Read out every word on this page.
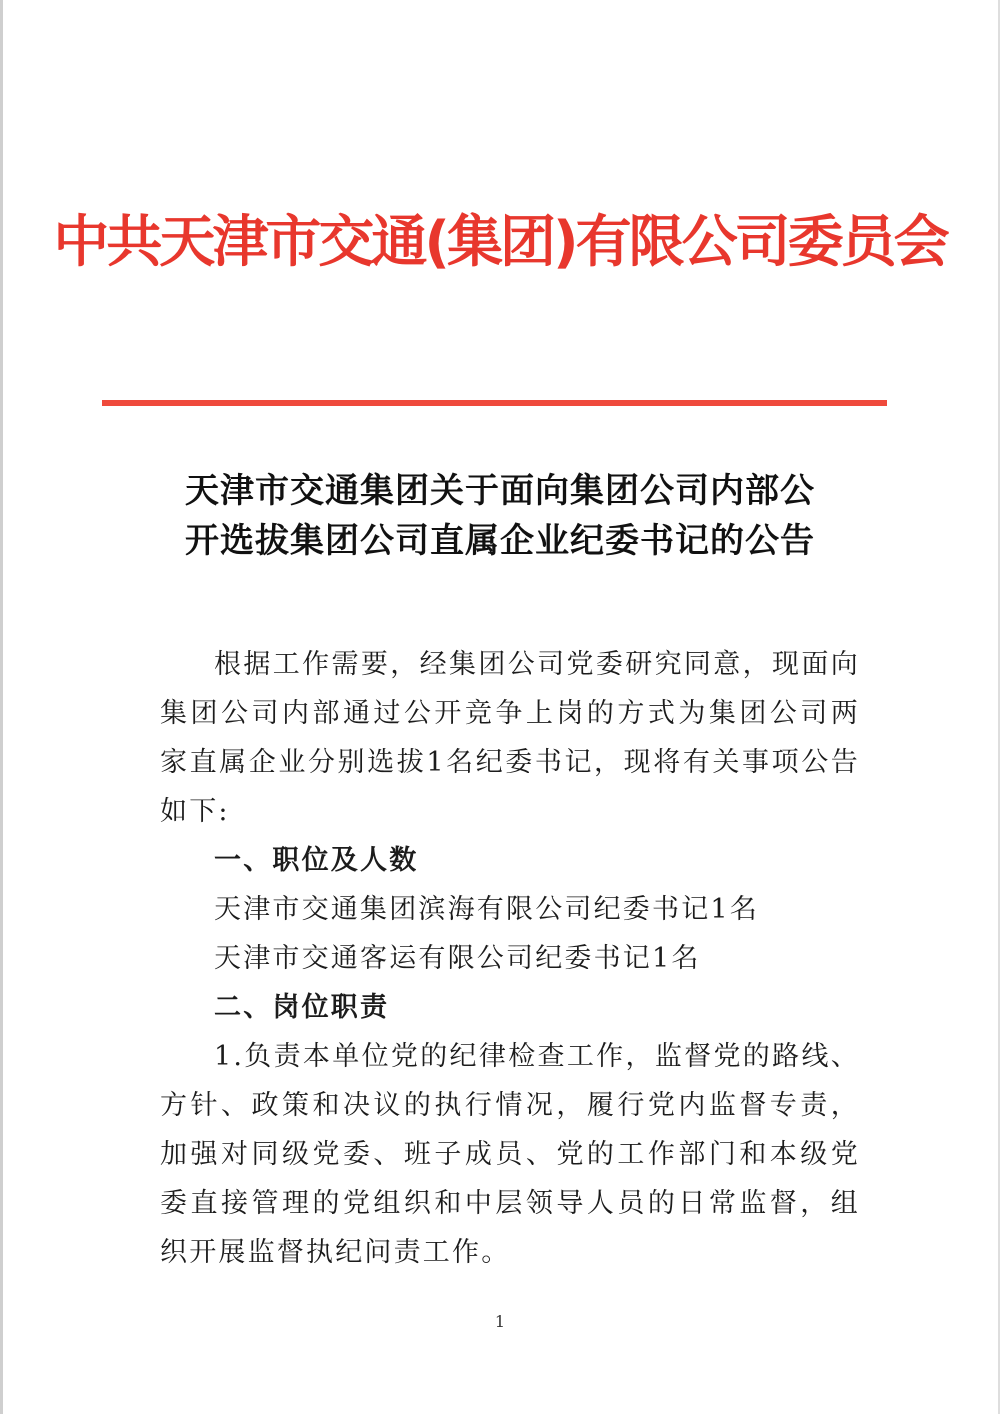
中共天津市交通(集团)有限公司委员会
天津市交通集团关于面向集团公司内部公
开选拔集团公司直属企业纪委书记的公告

根据工作需要，经集团公司党委研究同意，现面向集团公司内部通过公开竞争上岗的方式为集团公司两家直属企业分别选拔1名纪委书记，现将有关事项公告如下:

一、职位及人数

天津市交通集团滨海有限公司纪委书记1名

天津市交通客运有限公司纪委书记1名

二、岗位职责

1.负责本单位党的纪律检查工作，监督党的路线、方针、政策和决议的执行情况，履行党内监督专责，加强对同级党委、班子成员、党的工作部门和本级党委直接管理的党组织和中层领导人员的日常监督，组织开展监督执纪问责工作。

1
